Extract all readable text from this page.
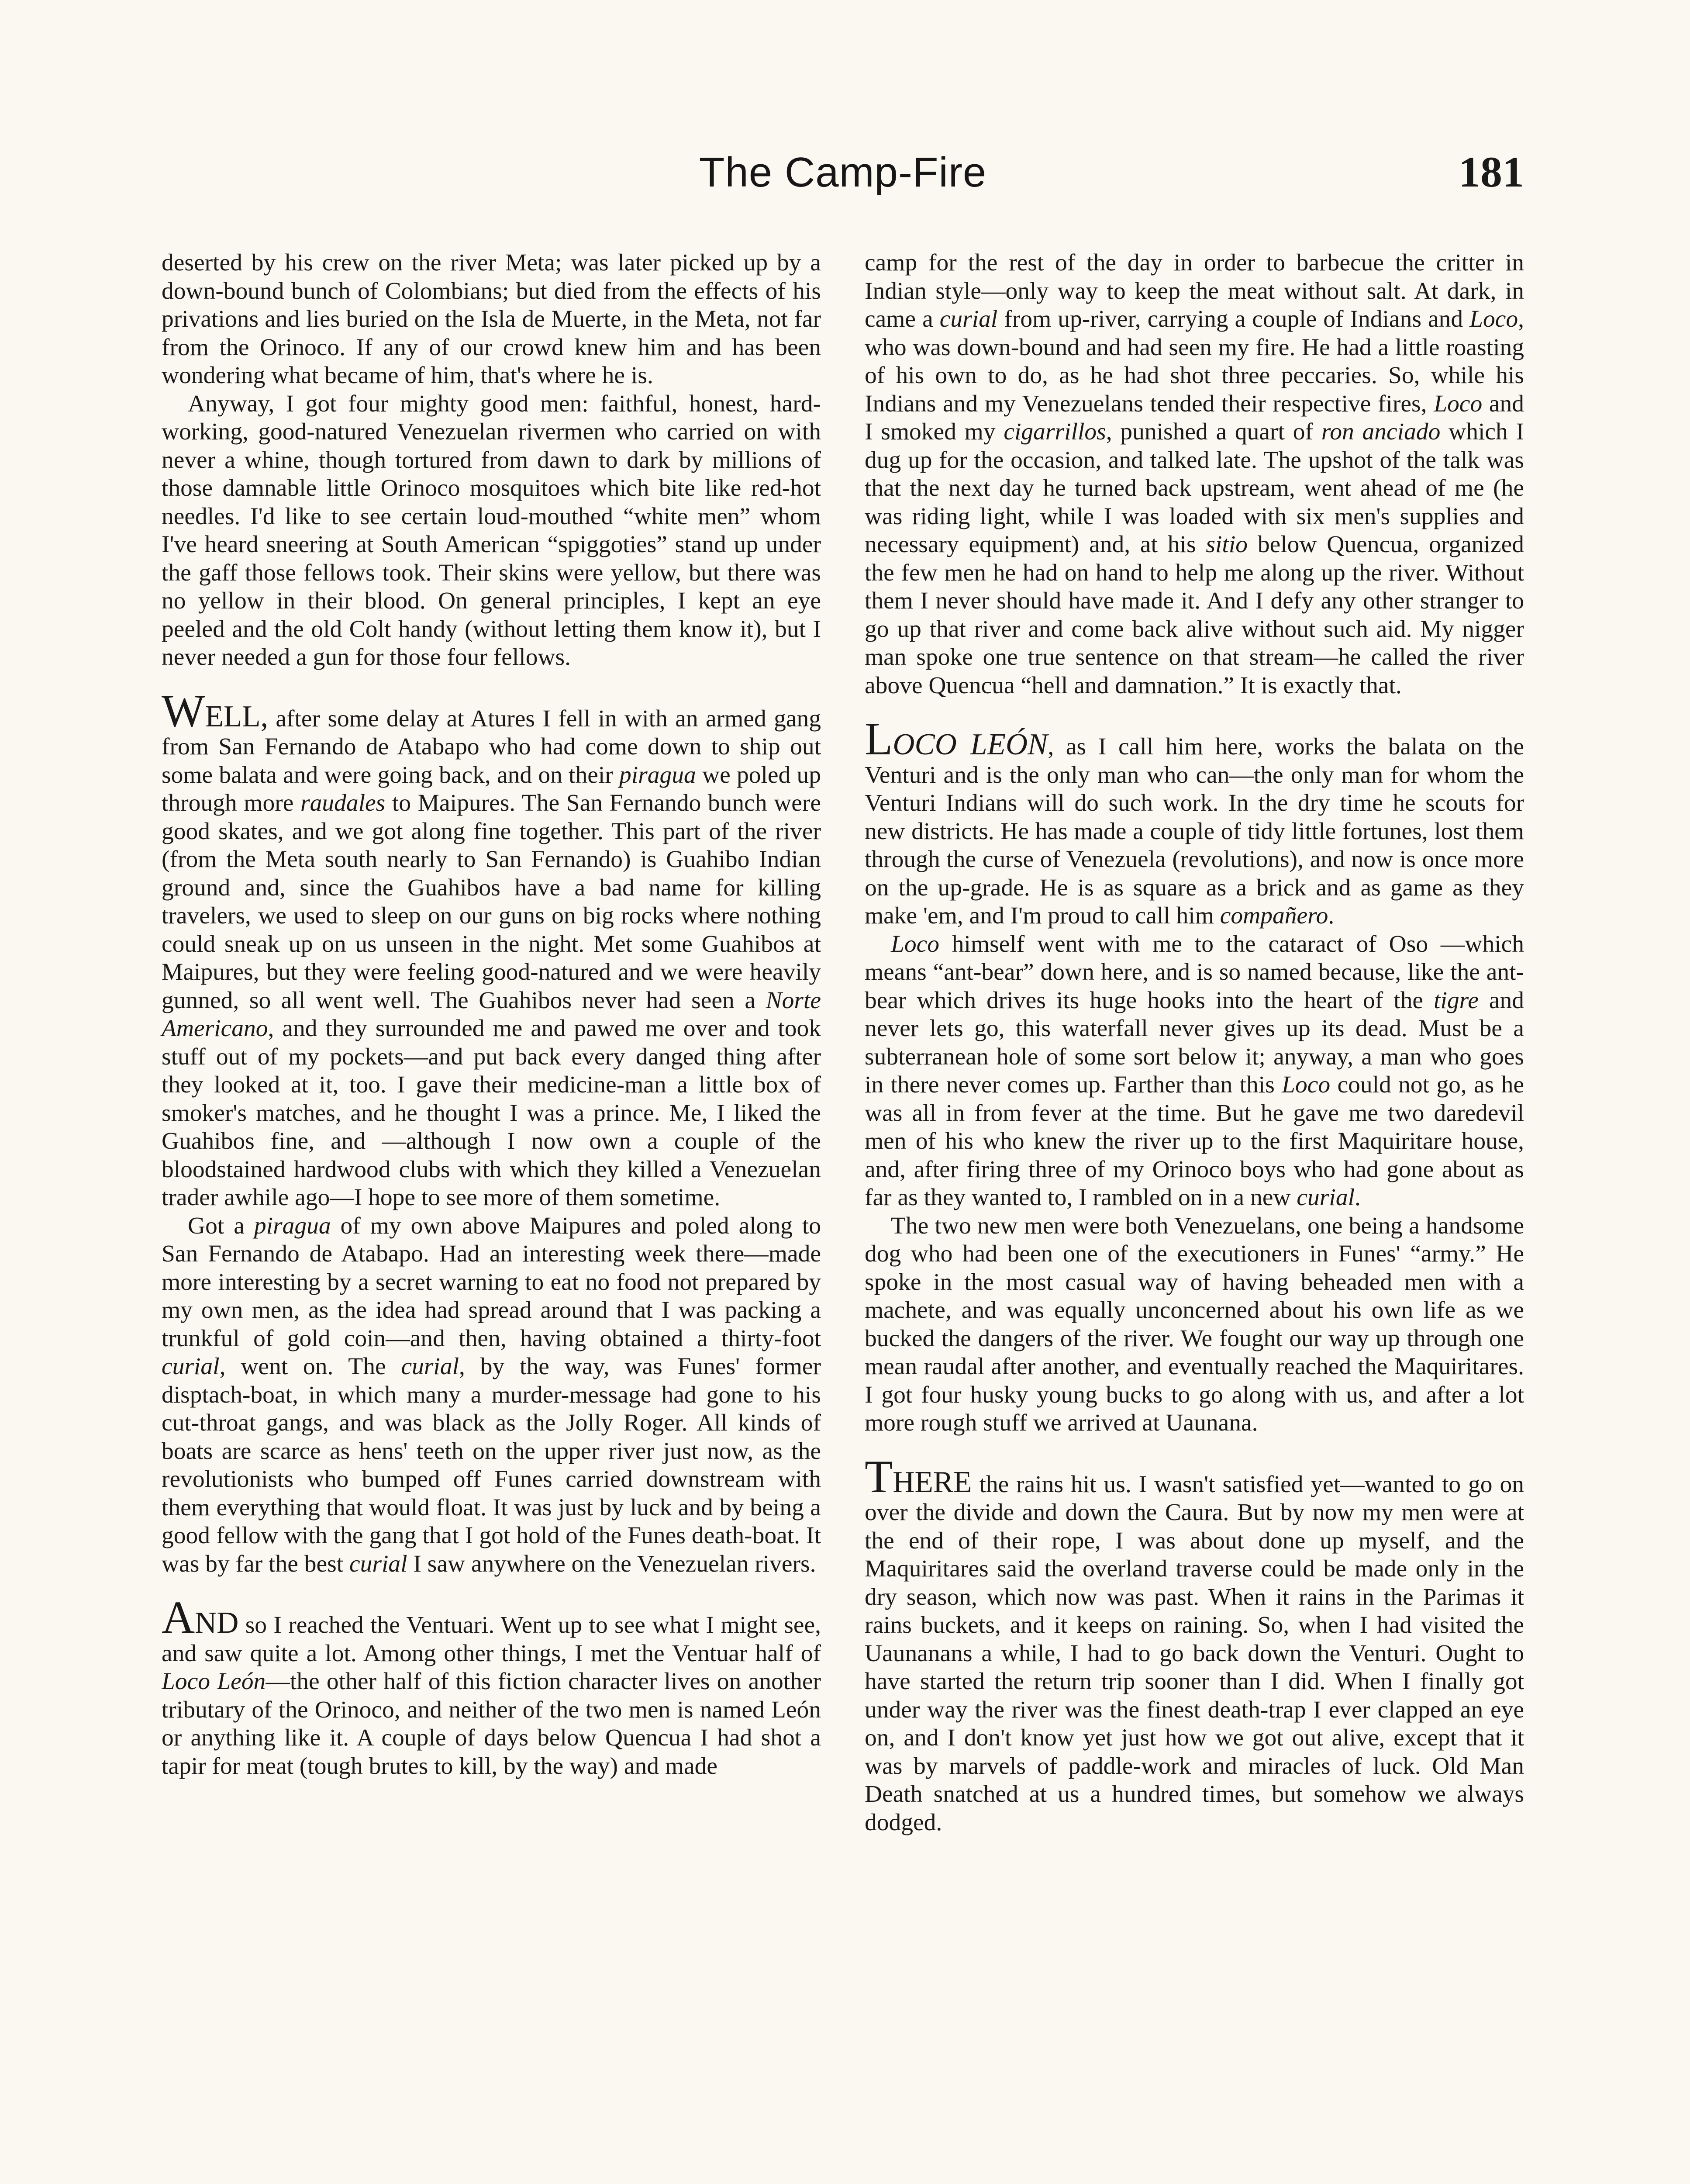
The Camp-Fire	181

deserted by his crew on the river Meta; was later picked up by a down-bound bunch of Colombians; but died from the effects of his privations and lies buried on the Isla de Muerte, in the Meta, not far from the Orinoco. If any of our crowd knew him and has been wondering what became of him, that's where he is.

Anyway, I got four mighty good men: faithful, honest, hard-working, good-natured Venezuelan rivermen who carried on with never a whine, though tortured from dawn to dark by millions of those damnable little Orinoco mosquitoes which bite like red-hot needles. I'd like to see certain loud-mouthed “white men” whom I've heard sneering at South American “spiggoties” stand up under the gaff those fellows took. Their skins were yellow, but there was no yellow in their blood. On general principles, I kept an eye peeled and the old Colt handy (without letting them know it), but I never needed a gun for those four fellows.

WELL, after some delay at Atures I fell in with an armed gang from San Fernando de Atabapo who had come down to ship out some balata and were going back, and on their piragua we poled up through more raudales to Maipures. The San Fernando bunch were good skates, and we got along fine together. This part of the river (from the Meta south nearly to San Fernando) is Guahibo Indian ground and, since the Guahibos have a bad name for killing travelers, we used to sleep on our guns on big rocks where nothing could sneak up on us unseen in the night. Met some Guahibos at Maipures, but they were feeling good-natured and we were heavily gunned, so all went well. The Guahibos never had seen a Norte Americano, and they surrounded me and pawed me over and took stuff out of my pockets—and put back every danged thing after they looked at it, too. I gave their medicine-man a little box of smoker's matches, and he thought I was a prince. Me, I liked the Guahibos fine, and —although I now own a couple of the bloodstained hardwood clubs with which they killed a Venezuelan trader awhile ago—I hope to see more of them sometime.

Got a piragua of my own above Maipures and poled along to San Fernando de Atabapo. Had an interesting week there—made more interesting by a secret warning to eat no food not prepared by my own men, as the idea had spread around that I was packing a trunkful of gold coin—and then, having obtained a thirty-foot curial, went on. The curial, by the way, was Funes' former disptach-boat, in which many a murder-message had gone to his cut-throat gangs, and was black as the Jolly Roger. All kinds of boats are scarce as hens' teeth on the upper river just now, as the revolutionists who bumped off Funes carried downstream with them everything that would float. It was just by luck and by being a good fellow with the gang that I got hold of the Funes death-boat. It was by far the best curial I saw anywhere on the Venezuelan rivers.

AND so I reached the Ventuari. Went up to see what I might see, and saw quite a lot. Among other things, I met the Ventuar half of Loco León—the other half of this fiction character lives on another tributary of the Orinoco, and neither of the two men is named León or anything like it. A couple of days below Quencua I had shot a tapir for meat (tough brutes to kill, by the way) and made

camp for the rest of the day in order to barbecue the critter in Indian style—only way to keep the meat without salt. At dark, in came a curial from up-river, carrying a couple of Indians and Loco, who was down-bound and had seen my fire. He had a little roasting of his own to do, as he had shot three peccaries. So, while his Indians and my Venezuelans tended their respective fires, Loco and I smoked my cigarrillos, punished a quart of ron anciado which I dug up for the occasion, and talked late. The upshot of the talk was that the next day he turned back upstream, went ahead of me (he was riding light, while I was loaded with six men's supplies and necessary equipment) and, at his sitio below Quencua, organized the few men he had on hand to help me along up the river. Without them I never should have made it. And I defy any other stranger to go up that river and come back alive without such aid. My nigger man spoke one true sentence on that stream—he called the river above Quencua “hell and damnation.” It is exactly that.

LOCO LEÓN, as I call him here, works the balata on the Venturi and is the only man who can—the only man for whom the Venturi Indians will do such work. In the dry time he scouts for new districts. He has made a couple of tidy little fortunes, lost them through the curse of Venezuela (revolutions), and now is once more on the up-grade. He is as square as a brick and as game as they make 'em, and I'm proud to call him compañero.

Loco himself went with me to the cataract of Oso —which means “ant-bear” down here, and is so named because, like the ant-bear which drives its huge hooks into the heart of the tigre and never lets go, this waterfall never gives up its dead. Must be a subterranean hole of some sort below it; anyway, a man who goes in there never comes up. Farther than this Loco could not go, as he was all in from fever at the time. But he gave me two daredevil men of his who knew the river up to the first Maquiritare house, and, after firing three of my Orinoco boys who had gone about as far as they wanted to, I rambled on in a new curial.

The two new men were both Venezuelans, one being a handsome dog who had been one of the executioners in Funes' “army.” He spoke in the most casual way of having beheaded men with a machete, and was equally unconcerned about his own life as we bucked the dangers of the river. We fought our way up through one mean raudal after another, and eventually reached the Maquiritares. I got four husky young bucks to go along with us, and after a lot more rough stuff we arrived at Uaunana.

THERE the rains hit us. I wasn't satisfied yet—wanted to go on over the divide and down the Caura. But by now my men were at the end of their rope, I was about done up myself, and the Maquiritares said the overland traverse could be made only in the dry season, which now was past. When it rains in the Parimas it rains buckets, and it keeps on raining. So, when I had visited the Uaunanans a while, I had to go back down the Venturi. Ought to have started the return trip sooner than I did. When I finally got under way the river was the finest death-trap I ever clapped an eye on, and I don't know yet just how we got out alive, except that it was by marvels of paddle-work and miracles of luck. Old Man Death snatched at us a hundred times, but somehow we always dodged.
